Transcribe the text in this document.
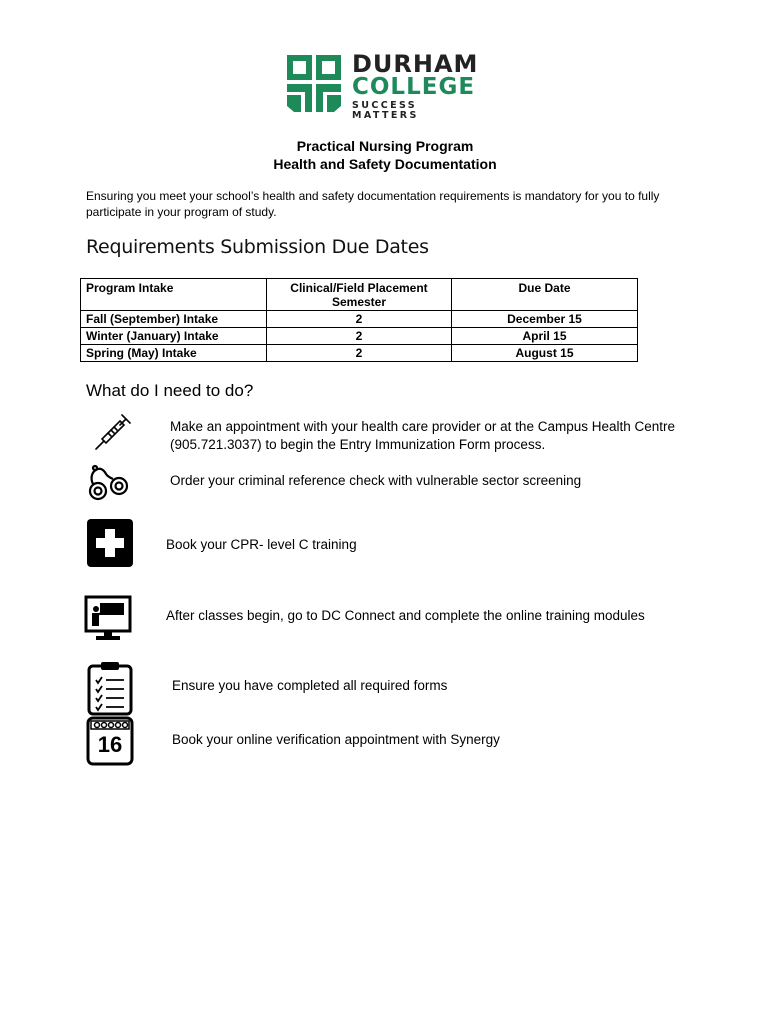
DURHAM
COLLEGE
SUCCESS MATTERS
Practical Nursing Program
Health and Safety Documentation
Ensuring you meet your school’s health and safety documentation requirements is mandatory for you to fully participate in your program of study.
Requirements Submission Due Dates
Program Intake	Clinical/Field Placement Semester	Due Date
Fall (September) Intake	2	December 15
Winter (January) Intake	2	April 15
Spring (May) Intake	2	August 15
What do I need to do?
Make an appointment with your health care provider or at the Campus Health Centre (905.721.3037) to begin the Entry Immunization Form process.
Order your criminal reference check with vulnerable sector screening
Book your CPR- level C training
After classes begin, go to DC Connect and complete the online training modules
Ensure you have completed all required forms
16	Book your online verification appointment with Synergy
